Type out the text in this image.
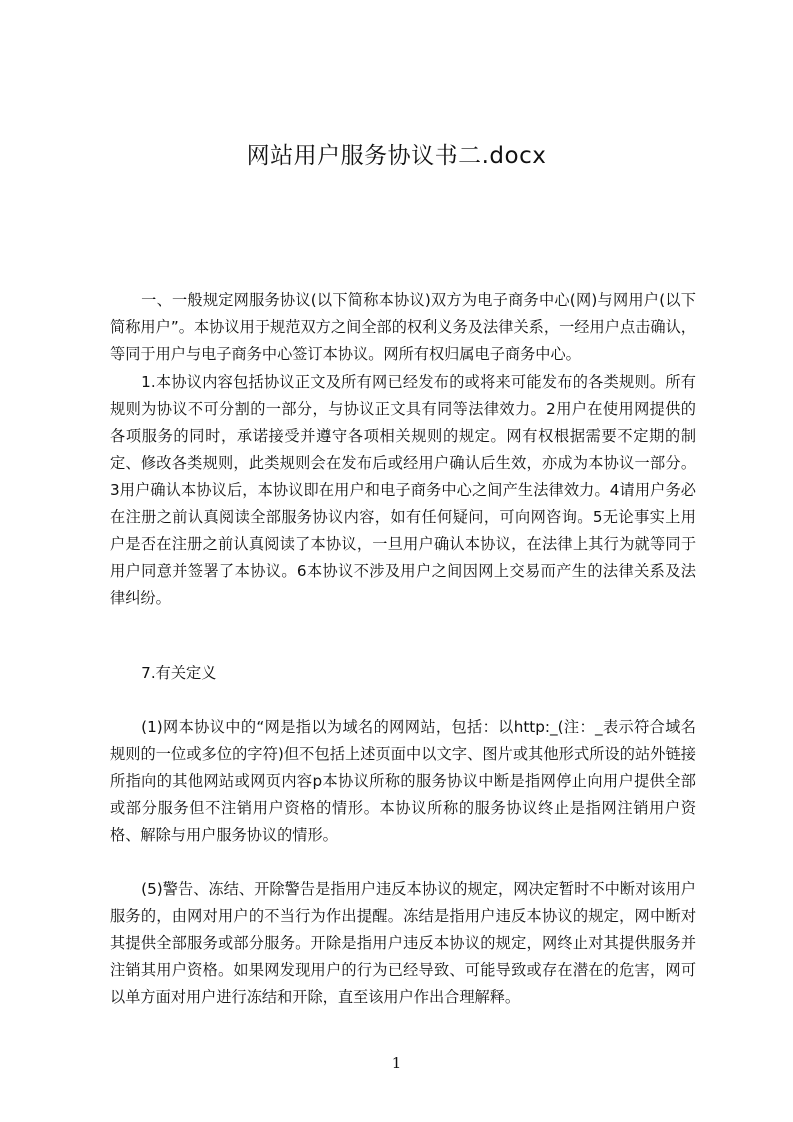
网站用户服务协议书二.docx

一、一般规定网服务协议(以下简称本协议)双方为电子商务中心(网)与网用户(以下简称用户”。本协议用于规范双方之间全部的权利义务及法律关系，一经用户点击确认，等同于用户与电子商务中心签订本协议。网所有权归属电子商务中心。

1.本协议内容包括协议正文及所有网已经发布的或将来可能发布的各类规则。所有规则为协议不可分割的一部分，与协议正文具有同等法律效力。2用户在使用网提供的各项服务的同时，承诺接受并遵守各项相关规则的规定。网有权根据需要不定期的制定、修改各类规则，此类规则会在发布后或经用户确认后生效，亦成为本协议一部分。3用户确认本协议后，本协议即在用户和电子商务中心之间产生法律效力。4请用户务必在注册之前认真阅读全部服务协议内容，如有任何疑问，可向网咨询。5无论事实上用户是否在注册之前认真阅读了本协议，一旦用户确认本协议，在法律上其行为就等同于用户同意并签署了本协议。6本协议不涉及用户之间因网上交易而产生的法律关系及法律纠纷。

7.有关定义

(1)网本协议中的“网是指以为域名的网网站，包括：以http:_(注：_表示符合域名规则的一位或多位的字符)但不包括上述页面中以文字、图片或其他形式所设的站外链接所指向的其他网站或网页内容p本协议所称的服务协议中断是指网停止向用户提供全部或部分服务但不注销用户资格的情形。本协议所称的服务协议终止是指网注销用户资格、解除与用户服务协议的情形。

(5)警告、冻结、开除警告是指用户违反本协议的规定，网决定暂时不中断对该用户服务的，由网对用户的不当行为作出提醒。冻结是指用户违反本协议的规定，网中断对其提供全部服务或部分服务。开除是指用户违反本协议的规定，网终止对其提供服务并注销其用户资格。如果网发现用户的行为已经导致、可能导致或存在潜在的危害，网可以单方面对用户进行冻结和开除，直至该用户作出合理解释。

1
